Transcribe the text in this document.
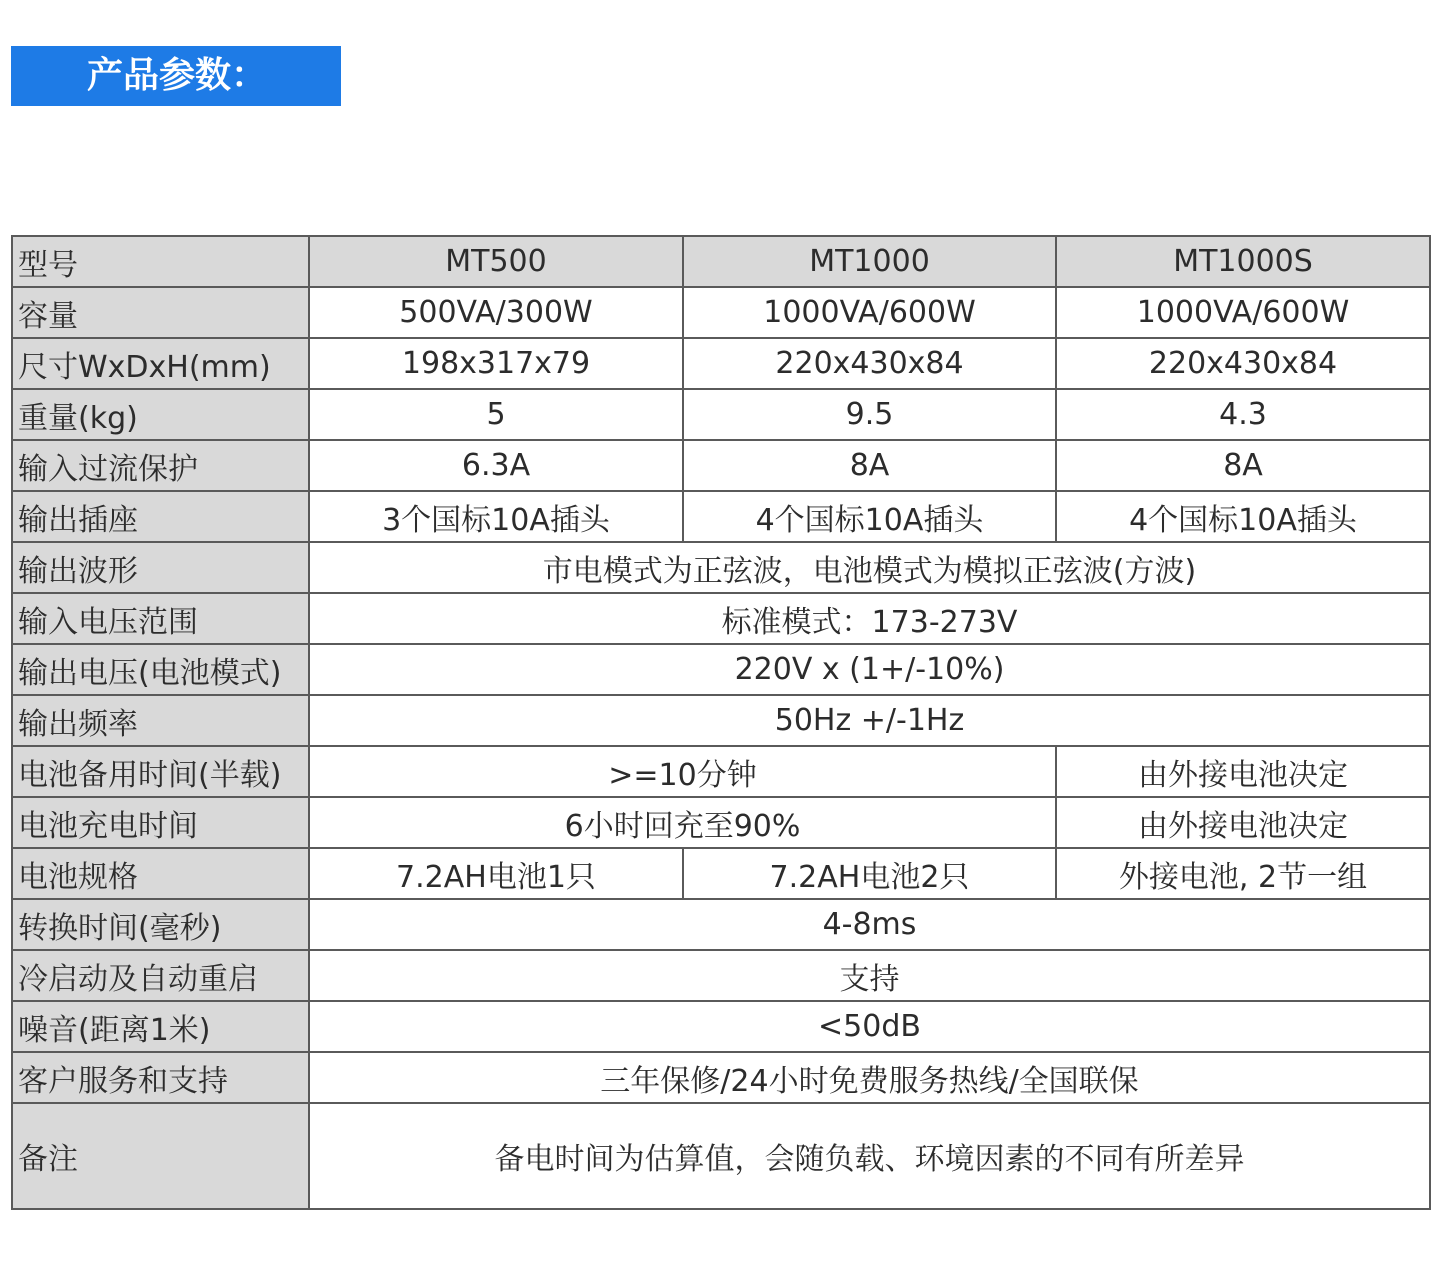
产品参数：
型号	MT500	MT1000	MT1000S
容量	500VA/300W	1000VA/600W	1000VA/600W
尺寸WxDxH(mm)	198x317x79	220x430x84	220x430x84
重量(kg)	5	9.5	4.3
输入过流保护	6.3A	8A	8A
输出插座	3个国标10A插头	4个国标10A插头	4个国标10A插头
输出波形	市电模式为正弦波，电池模式为模拟正弦波(方波)		
输入电压范围	标准模式：173-273V		
输出电压(电池模式)	220V x (1+/-10%)		
输出频率	50Hz +/-1Hz		
电池备用时间(半载)	>=10分钟		由外接电池决定
电池充电时间	6小时回充至90%		由外接电池决定
电池规格	7.2AH电池1只	7.2AH电池2只	外接电池, 2节一组
转换时间(毫秒)	4-8ms		
冷启动及自动重启	支持		
噪音(距离1米)	<50dB		
客户服务和支持	三年保修/24小时免费服务热线/全国联保		
备注	备电时间为估算值，会随负载、环境因素的不同有所差异		
